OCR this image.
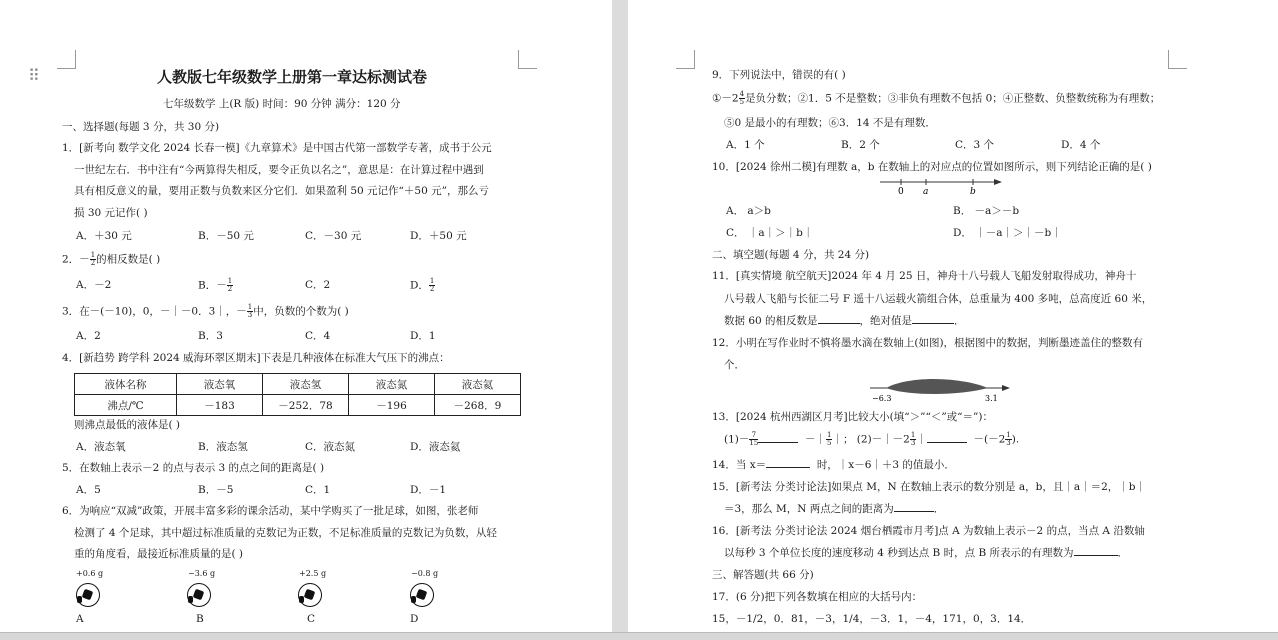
⠿	人教版七年级数学上册第一章达标测试卷
七年级数学 上(R 版) 时间：90 分钟 满分：120 分
一、选择题(每题 3 分，共 30 分)
1．[新考向 数学文化 2024 长春一模]《九章算术》是中国古代第一部数学专著，成书于公元
一世纪左右．书中注有“今两算得失相反，要令正负以名之”，意思是：在计算过程中遇到
具有相反意义的量，要用正数与负数来区分它们．如果盈利 50 元记作“＋50 元”，那么亏
损 30 元记作( )
A．＋30 元	B．－50 元	C．－30 元	D．＋50 元
2．－ $\frac{1}{2}$ 的相反数是( )
A．－2	B．－ $\frac{1}{2}$	C．2	D． $\frac{1}{2}$
3．在－(－10)，0，－｜－0．3｜，－ $\frac{1}{3}$ 中，负数的个数为( )
A．2	B．3	C．4	D．1
4．[新趋势 跨学科 2024 威海环翠区期末]下表是几种液体在标准大气压下的沸点：
液体名称	液态氧	液态氢	液态氮	液态氦
沸点/℃	－183	－252．78	－196	－268．9
则沸点最低的液体是( )
A．液态氧	B．液态氢	C．液态氮	D．液态氦
5．在数轴上表示－2 的点与表示 3 的点之间的距离是( )
A．5	B．－5	C．1	D．－1
6．为响应“双减”政策，开展丰富多彩的课余活动，某中学购买了一批足球，如图，张老师
检测了 4 个足球，其中超过标准质量的克数记为正数，不足标准质量的克数记为负数，从轻
重的角度看，最接近标准质量的是( )
+0.6 g
A
−3.6 g
B
+2.5 g
C
−0.8 g
D
9．下列说法中，错误的有( )
①－2 $\frac{4}{5}$ 是负分数；②1．5 不是整数；③非负有理数不包括 0；④正整数、负整数统称为有理数；
⑤0 是最小的有理数；⑥3．14 不是有理数．
A．1 个	B．2 个	C．3 个	D．4 个
10．[2024 徐州二模]有理数 a，b 在数轴上的对应点的位置如图所示，则下列结论正确的是( )
0 a	b
A． a＞b	B． －a＞－b
C． ｜a｜＞｜b｜	D． ｜－a｜＞｜－b｜
二、填空题(每题 4 分，共 24 分)
11．[真实情境 航空航天]2024 年 4 月 25 日，神舟十八号载人飞船发射取得成功，神舟十
八号载人飞船与长征二号 F 遥十八运载火箭组合体，总重量为 400 多吨，总高度近 60 米，
数据 60 的相反数是	，绝对值是	．
12．小明在写作业时不慎将墨水滴在数轴上(如图)，根据图中的数据，判断墨迹盖住的整数有
个．
−6.3	3.1
13．[2024 杭州西湖区月考]比较大小(填“＞”“＜”或“＝”)：
$(1)- \frac{7}{15}$	－｜ $\frac{1}{5}$ ｜； (2)－｜－2 $\frac{1}{3}$ ｜	$-(-2 \frac{1}{3}$ ).
14．当 x＝	时，｜x－6｜＋3 的值最小．
15．[新考法 分类讨论法]如果点 M，N 在数轴上表示的数分别是 a，b，且｜a｜＝2，｜b｜
＝3，那么 M，N 两点之间的距离为	．
16．[新考法 分类讨论法 2024 烟台栖霞市月考]点 A 为数轴上表示－2 的点，当点 A 沿数轴
以每秒 3 个单位长度的速度移动 4 秒到达点 B 时，点 B 所表示的有理数为	．
三、解答题(共 66 分)
17．(6 分)把下列各数填在相应的大括号内：
15，－1/2，0．81，－3，1/4，－3．1，－4，171，0，3．14．
